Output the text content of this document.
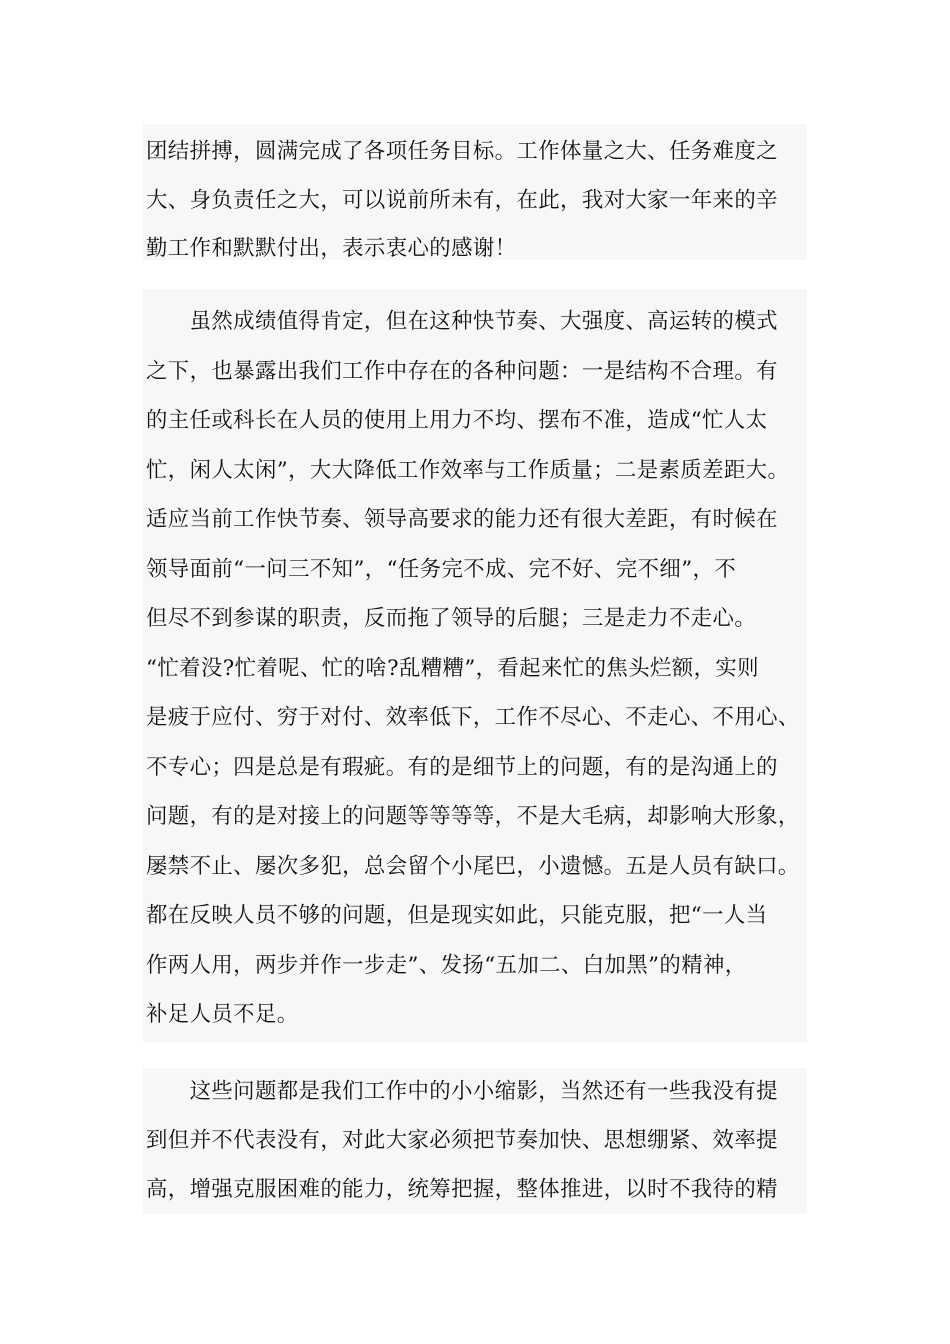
团结拼搏，圆满完成了各项任务目标。工作体量之大、任务难度之
大、身负责任之大，可以说前所未有，在此，我对大家一年来的辛
勤工作和默默付出，表示衷心的感谢！
　　虽然成绩值得肯定，但在这种快节奏、大强度、高运转的模式
之下，也暴露出我们工作中存在的各种问题：一是结构不合理。有
的主任或科长在人员的使用上用力不均、摆布不准，造成“忙人太
忙，闲人太闲”，大大降低工作效率与工作质量；二是素质差距大。
适应当前工作快节奏、领导高要求的能力还有很大差距，有时候在
领导面前“一问三不知”，“任务完不成、完不好、完不细”，不
但尽不到参谋的职责，反而拖了领导的后腿；三是走力不走心。
“忙着没?忙着呢、忙的啥?乱糟糟”，看起来忙的焦头烂额，实则
是疲于应付、穷于对付、效率低下，工作不尽心、不走心、不用心、
不专心；四是总是有瑕疵。有的是细节上的问题，有的是沟通上的
问题，有的是对接上的问题等等等等，不是大毛病，却影响大形象，
屡禁不止、屡次多犯，总会留个小尾巴，小遗憾。五是人员有缺口。
都在反映人员不够的问题，但是现实如此，只能克服，把“一人当
作两人用，两步并作一步走”、发扬“五加二、白加黑”的精神，
补足人员不足。
　　这些问题都是我们工作中的小小缩影，当然还有一些我没有提
到但并不代表没有，对此大家必须把节奏加快、思想绷紧、效率提
高，增强克服困难的能力，统筹把握，整体推进，以时不我待的精
